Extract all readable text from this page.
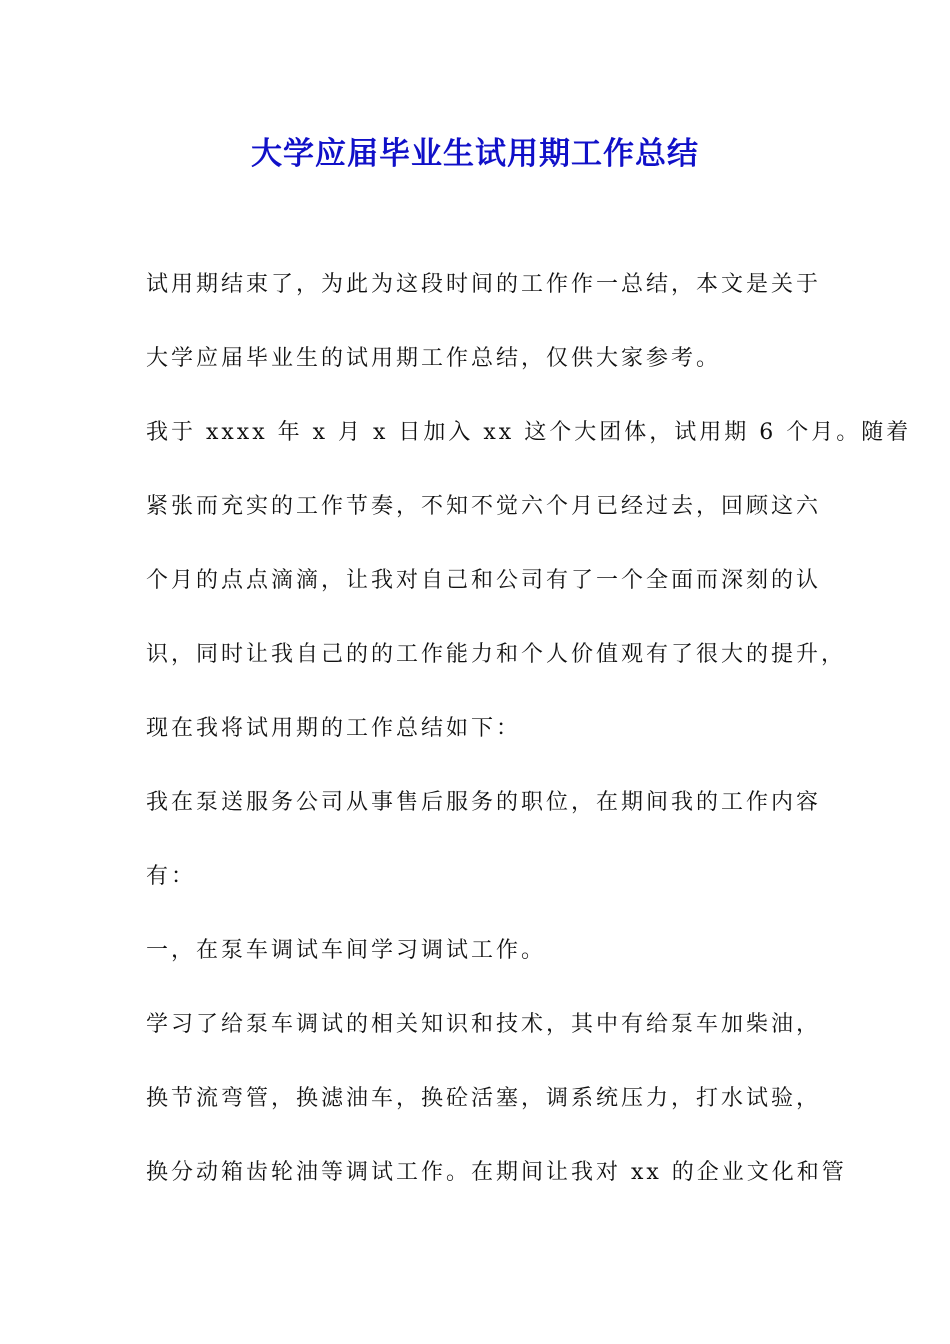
大学应届毕业生试用期工作总结
试用期结束了，为此为这段时间的工作作一总结，本文是关于
大学应届毕业生的试用期工作总结，仅供大家参考。
我于 xxxx 年 x 月 x 日加入 xx 这个大团体，试用期 6 个月。随着
紧张而充实的工作节奏，不知不觉六个月已经过去，回顾这六
个月的点点滴滴，让我对自己和公司有了一个全面而深刻的认
识，同时让我自己的的工作能力和个人价值观有了很大的提升，
现在我将试用期的工作总结如下：
我在泵送服务公司从事售后服务的职位，在期间我的工作内容
有：
一，在泵车调试车间学习调试工作。
学习了给泵车调试的相关知识和技术，其中有给泵车加柴油，
换节流弯管，换滤油车，换砼活塞，调系统压力，打水试验，
换分动箱齿轮油等调试工作。在期间让我对 xx 的企业文化和管
